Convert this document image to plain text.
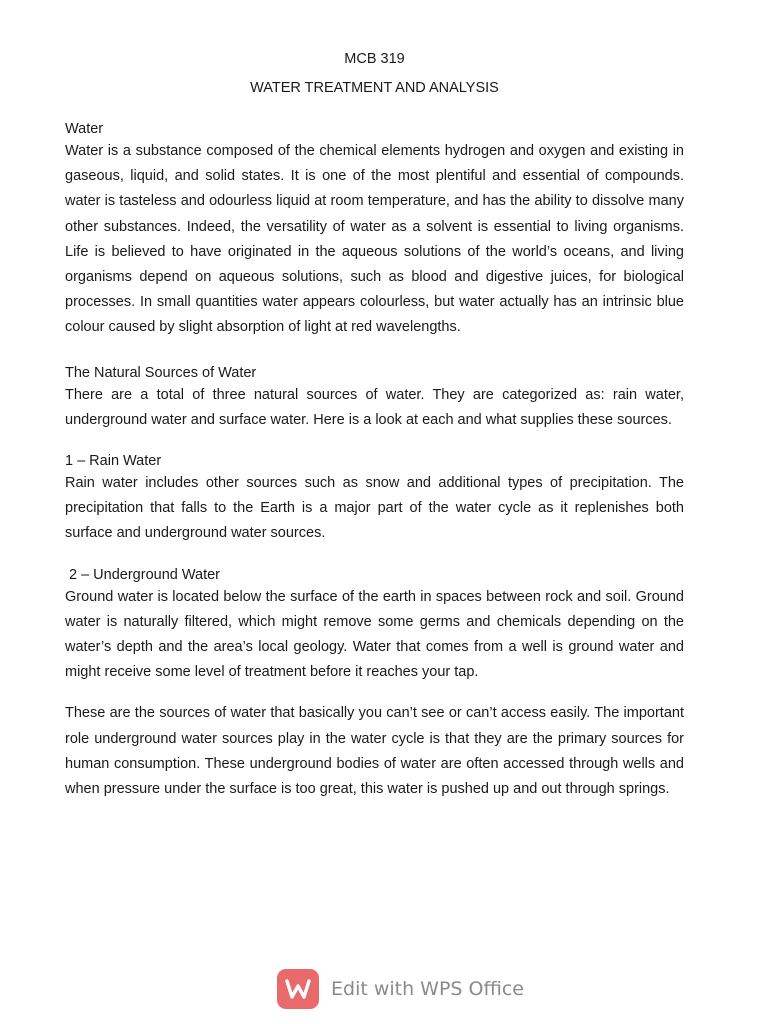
MCB 319
WATER TREATMENT AND ANALYSIS
Water

Water is a substance composed of the chemical elements hydrogen and oxygen and existing in gaseous, liquid, and solid states. It is one of the most plentiful and essential of compounds. water is tasteless and odourless liquid at room temperature, and has the ability to dissolve many other substances. Indeed, the versatility of water as a solvent is essential to living organisms. Life is believed to have originated in the aqueous solutions of the world’s oceans, and living organisms depend on aqueous solutions, such as blood and digestive juices, for biological processes. In small quantities water appears colourless, but water actually has an intrinsic blue colour caused by slight absorption of light at red wavelengths.

The Natural Sources of Water

There are a total of three natural sources of water. They are categorized as: rain water, underground water and surface water. Here is a look at each and what supplies these sources.

1 – Rain Water

Rain water includes other sources such as snow and additional types of precipitation. The precipitation that falls to the Earth is a major part of the water cycle as it replenishes both surface and underground water sources.

2 – Underground Water

Ground water is located below the surface of the earth in spaces between rock and soil. Ground water is naturally filtered, which might remove some germs and chemicals depending on the water’s depth and the area’s local geology. Water that comes from a well is ground water and might receive some level of treatment before it reaches your tap.

These are the sources of water that basically you can’t see or can’t access easily. The important role underground water sources play in the water cycle is that they are the primary sources for human consumption. These underground bodies of water are often accessed through wells and when pressure under the surface is too great, this water is pushed up and out through springs.

Edit with WPS Office
